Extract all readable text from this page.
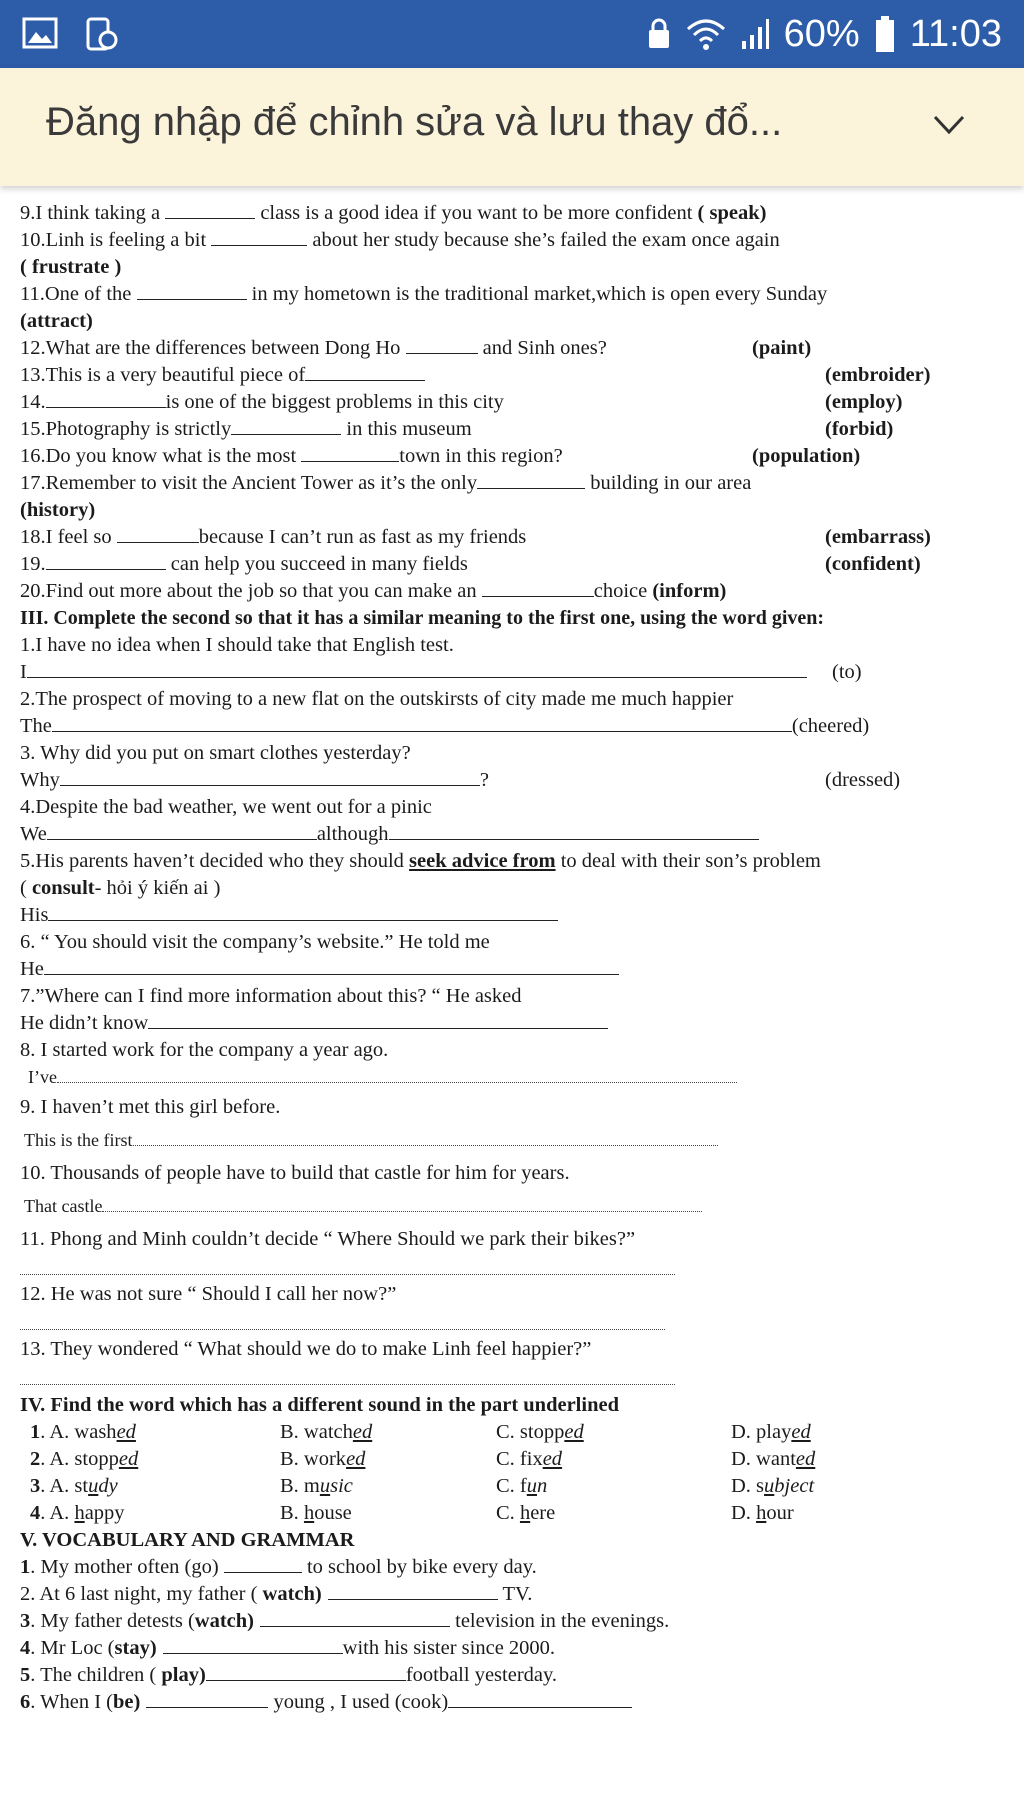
60% 11:03
Đăng nhập để chỉnh sửa và lưu thay đổ...
9.I think taking a	class is a good idea if you want to be more confident ( speak)
10.Linh is feeling a bit	about her study because she’s failed the exam once again
( frustrate )
11.One of the	in my hometown is the traditional market,which is open every Sunday
(attract)
12.What are the differences between Dong Ho	and Sinh ones?	(paint)
13.This is a very beautiful piece of	(embroider)
14.	is one of the biggest problems in this city	(employ)
15.Photography is strictly	in this museum	(forbid)
16.Do you know what is the most	town in this region?	(population)
17.Remember to visit the Ancient Tower as it’s the only	building in our area
(history)
18.I feel so	because I can’t run as fast as my friends	(embarrass)
19.	can help you succeed in many fields	(confident)
20.Find out more about the job so that you can make an	choice (inform)
III. Complete the second so that it has a similar meaning to the first one, using the word given:
1.I have no idea when I should take that English test.
I	(to)
2.The prospect of moving to a new flat on the outskirsts of city made me much happier
The	(cheered)
3. Why did you put on smart clothes yesterday?
Why	?	(dressed)
4.Despite the bad weather, we went out for a pinic
We	although
5.His parents haven’t decided who they should seek advice from to deal with their son’s problem
( consult- hỏi ý kiến ai )
His
6. “ You should visit the company’s website.” He told me
He
7.”Where can I find more information about this? “ He asked
He didn’t know
8. I started work for the company a year ago.
I’ve
9. I haven’t met this girl before.
This is the first
10. Thousands of people have to build that castle for him for years.
That castle
11. Phong and Minh couldn’t decide “ Where Should we park their bikes?”
12. He was not sure “ Should I call her now?”
13. They wondered “ What should we do to make Linh feel happier?”
IV. Find the word which has a different sound in the part underlined
1. A. washed	B. watched	C. stopped	D. played
2. A. stopped	B. worked	C. fixed	D. wanted
3. A. study	B. music	C. fun	D. subject
4. A. happy	B. house	C. here	D. hour
V. VOCABULARY AND GRAMMAR
1. My mother often (go)	to school by bike every day.
2. At 6 last night, my father ( watch)	TV.
3. My father detests (watch)	television in the evenings.
4. Mr Loc (stay)	with his sister since 2000.
5. The children ( play)	football yesterday.
6. When I (be)	young , I used (cook)
